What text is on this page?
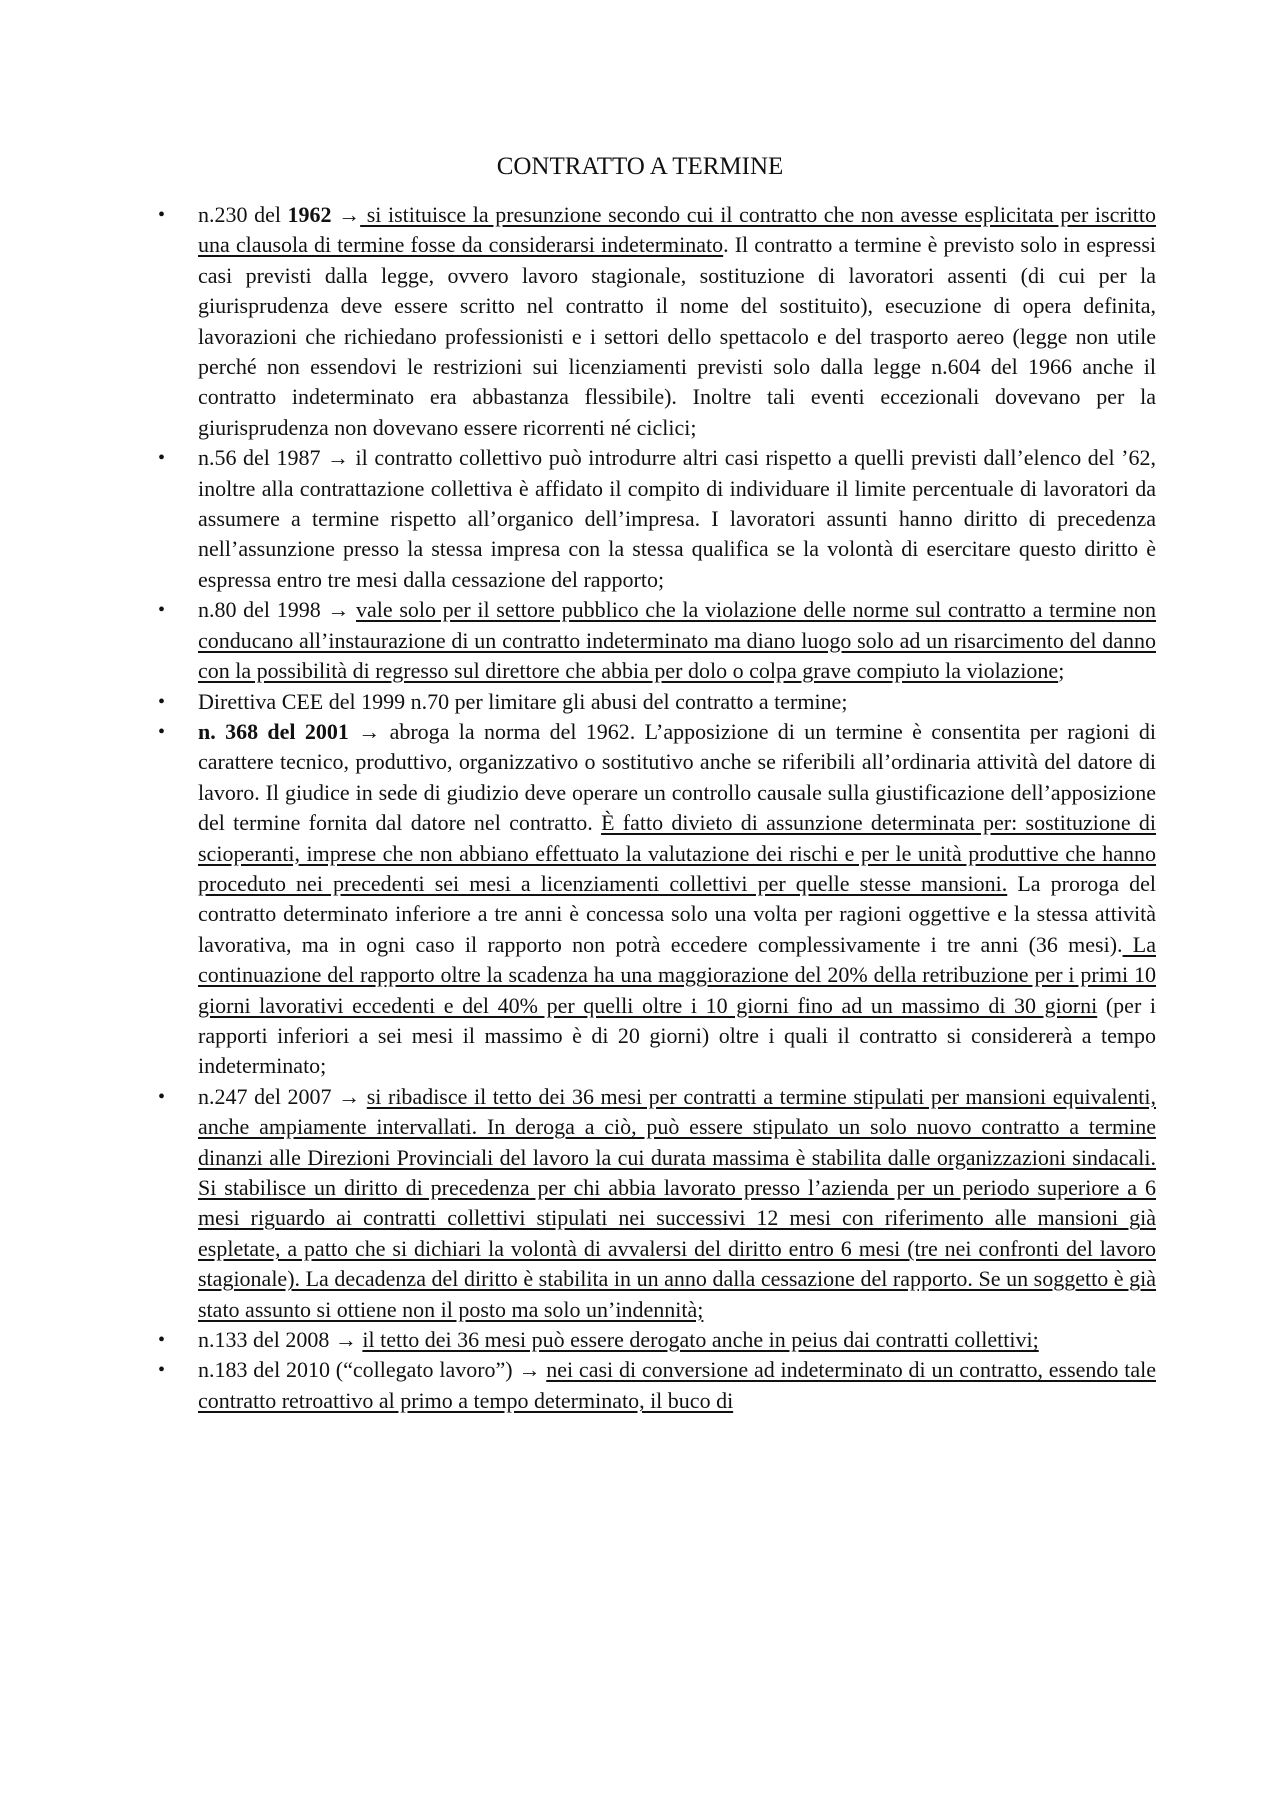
CONTRATTO A TERMINE
• n.230 del 1962 → si istituisce la presunzione secondo cui il contratto che non avesse esplicitata per iscritto una clausola di termine fosse da considerarsi indeterminato. Il contratto a termine è previsto solo in espressi casi previsti dalla legge, ovvero lavoro stagionale, sostituzione di lavoratori assenti (di cui per la giurisprudenza deve essere scritto nel contratto il nome del sostituito), esecuzione di opera definita, lavorazioni che richiedano professionisti e i settori dello spettacolo e del trasporto aereo (legge non utile perché non essendovi le restrizioni sui licenziamenti previsti solo dalla legge n.604 del 1966 anche il contratto indeterminato era abbastanza flessibile). Inoltre tali eventi eccezionali dovevano per la giurisprudenza non dovevano essere ricorrenti né ciclici;
• n.56 del 1987 → il contratto collettivo può introdurre altri casi rispetto a quelli previsti dall’elenco del ’62, inoltre alla contrattazione collettiva è affidato il compito di individuare il limite percentuale di lavoratori da assumere a termine rispetto all’organico dell’impresa. I lavoratori assunti hanno diritto di precedenza nell’assunzione presso la stessa impresa con la stessa qualifica se la volontà di esercitare questo diritto è espressa entro tre mesi dalla cessazione del rapporto;
• n.80 del 1998 → vale solo per il settore pubblico che la violazione delle norme sul contratto a termine non conducano all’instaurazione di un contratto indeterminato ma diano luogo solo ad un risarcimento del danno con la possibilità di regresso sul direttore che abbia per dolo o colpa grave compiuto la violazione;
• Direttiva CEE del 1999 n.70 per limitare gli abusi del contratto a termine;
• n. 368 del 2001 → abroga la norma del 1962. L’apposizione di un termine è consentita per ragioni di carattere tecnico, produttivo, organizzativo o sostitutivo anche se riferibili all’ordinaria attività del datore di lavoro. Il giudice in sede di giudizio deve operare un controllo causale sulla giustificazione dell’apposizione del termine fornita dal datore nel contratto. È fatto divieto di assunzione determinata per: sostituzione di scioperanti, imprese che non abbiano effettuato la valutazione dei rischi e per le unità produttive che hanno proceduto nei precedenti sei mesi a licenziamenti collettivi per quelle stesse mansioni. La proroga del contratto determinato inferiore a tre anni è concessa solo una volta per ragioni oggettive e la stessa attività lavorativa, ma in ogni caso il rapporto non potrà eccedere complessivamente i tre anni (36 mesi). La continuazione del rapporto oltre la scadenza ha una maggiorazione del 20% della retribuzione per i primi 10 giorni lavorativi eccedenti e del 40% per quelli oltre i 10 giorni fino ad un massimo di 30 giorni (per i rapporti inferiori a sei mesi il massimo è di 20 giorni) oltre i quali il contratto si considererà a tempo indeterminato;
• n.247 del 2007 → si ribadisce il tetto dei 36 mesi per contratti a termine stipulati per mansioni equivalenti, anche ampiamente intervallati. In deroga a ciò, può essere stipulato un solo nuovo contratto a termine dinanzi alle Direzioni Provinciali del lavoro la cui durata massima è stabilita dalle organizzazioni sindacali. Si stabilisce un diritto di precedenza per chi abbia lavorato presso l’azienda per un periodo superiore a 6 mesi riguardo ai contratti collettivi stipulati nei successivi 12 mesi con riferimento alle mansioni già espletate, a patto che si dichiari la volontà di avvalersi del diritto entro 6 mesi (tre nei confronti del lavoro stagionale). La decadenza del diritto è stabilita in un anno dalla cessazione del rapporto. Se un soggetto è già stato assunto si ottiene non il posto ma solo un’indennità;
• n.133 del 2008 → il tetto dei 36 mesi può essere derogato anche in peius dai contratti collettivi;
• n.183 del 2010 (“collegato lavoro”) → nei casi di conversione ad indeterminato di un contratto, essendo tale contratto retroattivo al primo a tempo determinato, il buco di
